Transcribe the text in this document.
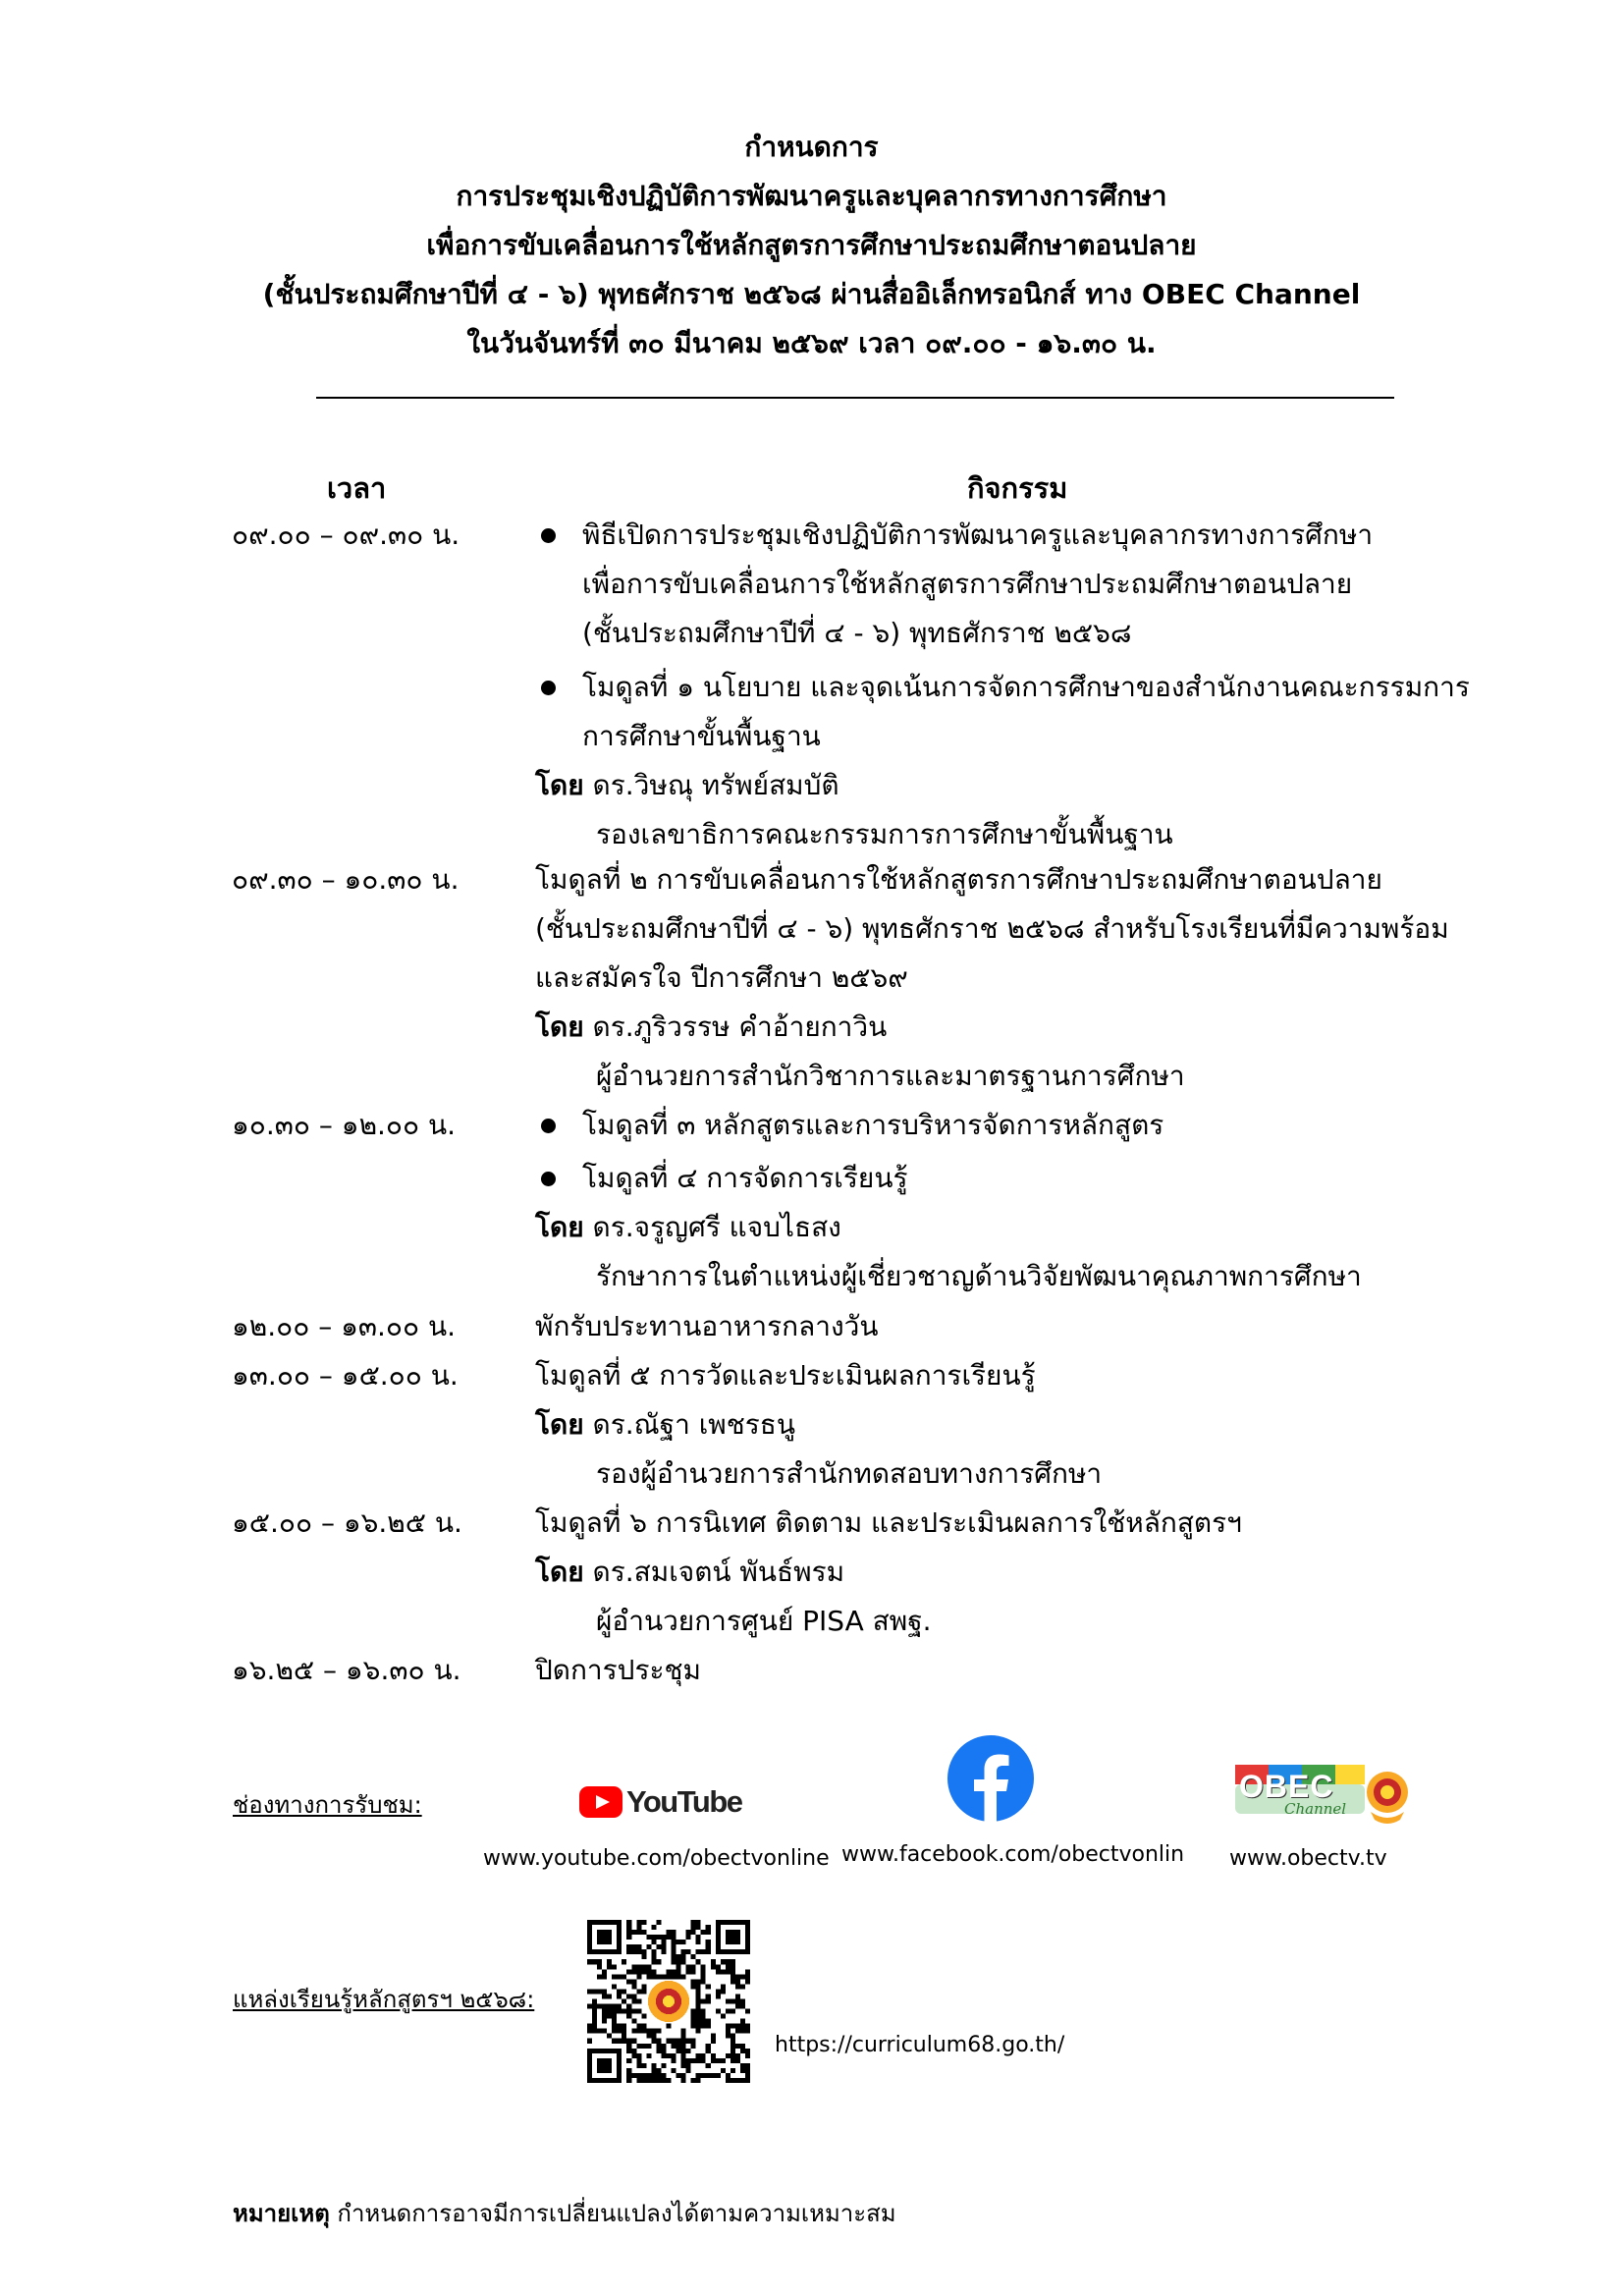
กำหนดการ
การประชุมเชิงปฏิบัติการพัฒนาครูและบุคลากรทางการศึกษา
เพื่อการขับเคลื่อนการใช้หลักสูตรการศึกษาประถมศึกษาตอนปลาย
(ชั้นประถมศึกษาปีที่ ๔ - ๖) พุทธศักราช ๒๕๖๘ ผ่านสื่ออิเล็กทรอนิกส์ ทาง OBEC Channel
ในวันจันทร์ที่ ๓๐ มีนาคม ๒๕๖๙ เวลา ๐๙.๐๐ - ๑๖.๓๐ น.
เวลา	กิจกรรม
๐๙.๐๐ – ๐๙.๓๐ น.	พิธีเปิดการประชุมเชิงปฏิบัติการพัฒนาครูและบุคลากรทางการศึกษา
เพื่อการขับเคลื่อนการใช้หลักสูตรการศึกษาประถมศึกษาตอนปลาย
(ชั้นประถมศึกษาปีที่ ๔ - ๖) พุทธศักราช ๒๕๖๘
โมดูลที่ ๑ นโยบาย และจุดเน้นการจัดการศึกษาของสำนักงานคณะกรรมการ
การศึกษาขั้นพื้นฐาน
โดย ดร.วิษณุ ทรัพย์สมบัติ
รองเลขาธิการคณะกรรมการการศึกษาขั้นพื้นฐาน
๐๙.๓๐ – ๑๐.๓๐ น.	โมดูลที่ ๒ การขับเคลื่อนการใช้หลักสูตรการศึกษาประถมศึกษาตอนปลาย
(ชั้นประถมศึกษาปีที่ ๔ - ๖) พุทธศักราช ๒๕๖๘ สำหรับโรงเรียนที่มีความพร้อม
และสมัครใจ ปีการศึกษา ๒๕๖๙
โดย ดร.ภูริวรรษ คำอ้ายกาวิน
ผู้อำนวยการสำนักวิชาการและมาตรฐานการศึกษา
๑๐.๓๐ – ๑๒.๐๐ น.	โมดูลที่ ๓ หลักสูตรและการบริหารจัดการหลักสูตร
โมดูลที่ ๔ การจัดการเรียนรู้
โดย ดร.จรูญศรี แจบไธสง
รักษาการในตำแหน่งผู้เชี่ยวชาญด้านวิจัยพัฒนาคุณภาพการศึกษา
๑๒.๐๐ – ๑๓.๐๐ น.	พักรับประทานอาหารกลางวัน
๑๓.๐๐ – ๑๕.๐๐ น.	โมดูลที่ ๕ การวัดและประเมินผลการเรียนรู้
โดย ดร.ณัฐา เพชรธนู
รองผู้อำนวยการสำนักทดสอบทางการศึกษา
๑๕.๐๐ – ๑๖.๒๕ น.	โมดูลที่ ๖ การนิเทศ ติดตาม และประเมินผลการใช้หลักสูตรฯ
โดย ดร.สมเจตน์ พันธ์พรม
ผู้อำนวยการศูนย์ PISA สพฐ.
๑๖.๒๕ – ๑๖.๓๐ น.	ปิดการประชุม
ช่องทางการรับชม:	YouTube	OBEC
Channel
www.youtube.com/obectvonline www.facebook.com/obectvonlin www.obectv.tv
แหล่งเรียนรู้หลักสูตรฯ ๒๕๖๘:
https://curriculum68.go.th/
หมายเหตุ กำหนดการอาจมีการเปลี่ยนแปลงได้ตามความเหมาะสม
